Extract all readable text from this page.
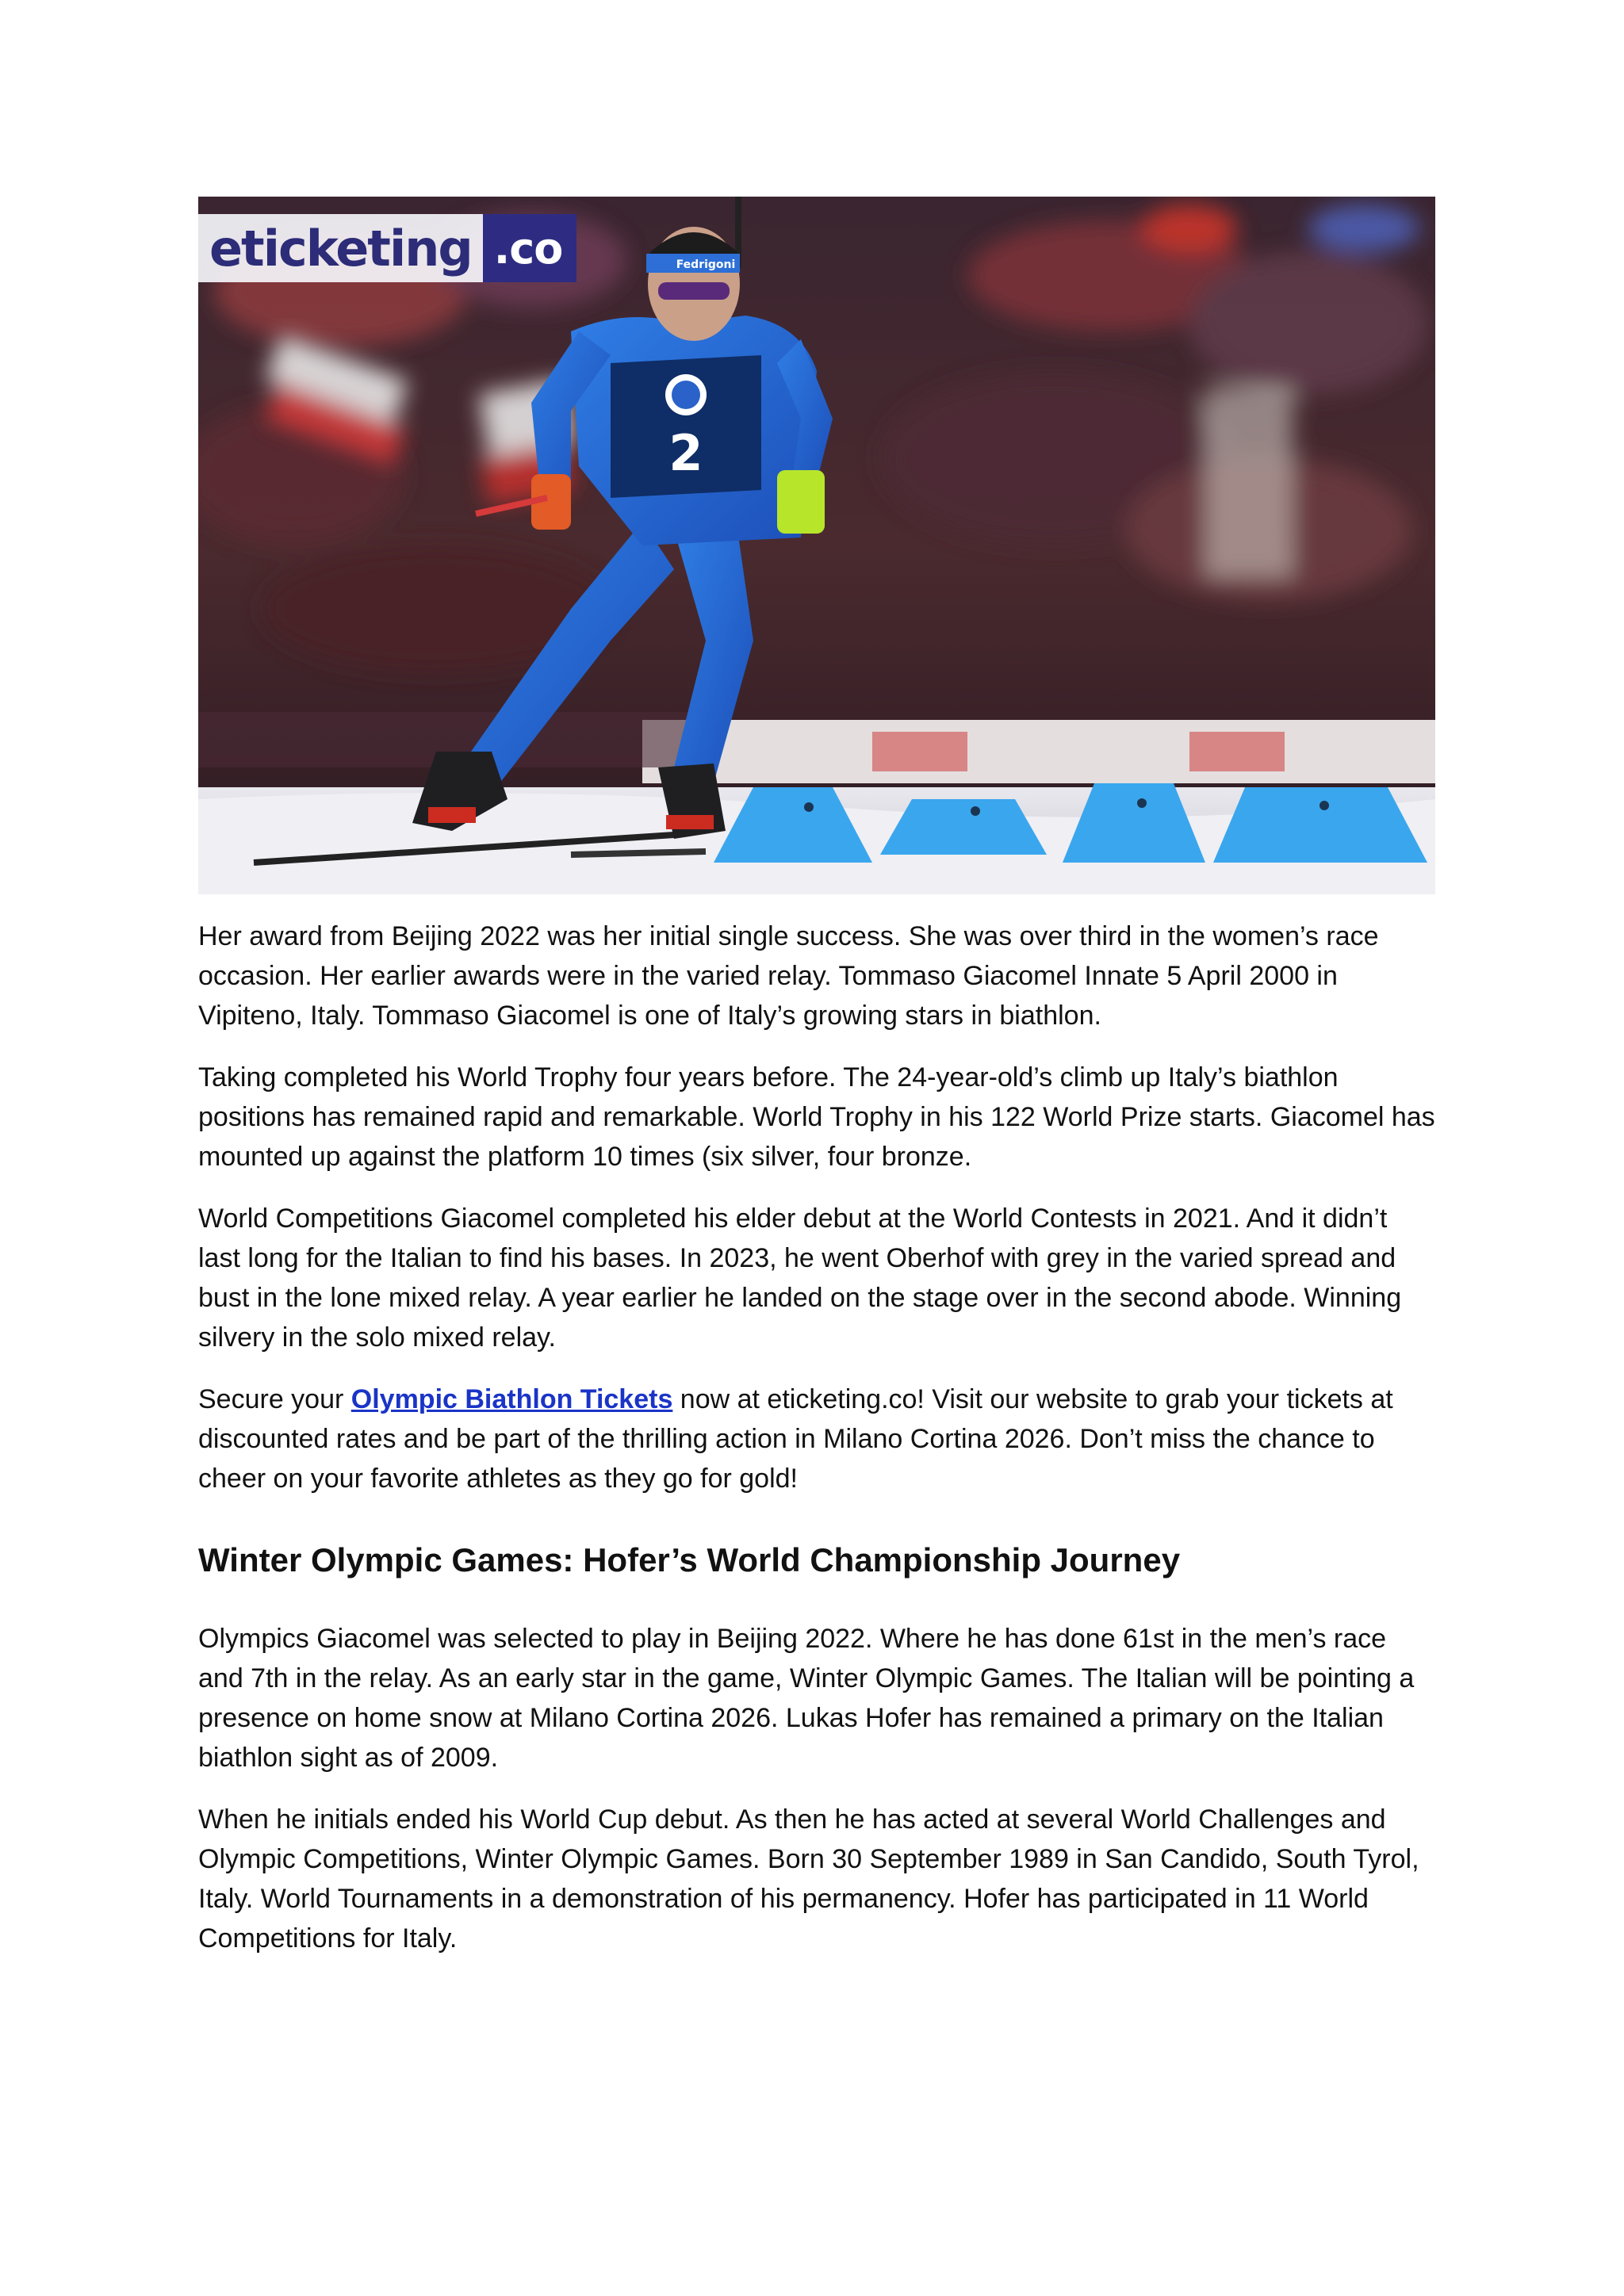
2
Fedrigoni
eticketing .co

Her award from Beijing 2022 was her initial single success. She was over third in the women’s race occasion. Her earlier awards were in the varied relay. Tommaso Giacomel Innate 5 April 2000 in Vipiteno, Italy. Tommaso Giacomel is one of Italy’s growing stars in biathlon.

Taking completed his World Trophy four years before. The 24-year-old’s climb up Italy’s biathlon positions has remained rapid and remarkable. World Trophy in his 122 World Prize starts. Giacomel has mounted up against the platform 10 times (six silver, four bronze.

World Competitions Giacomel completed his elder debut at the World Contests in 2021. And it didn’t last long for the Italian to find his bases. In 2023, he went Oberhof with grey in the varied spread and bust in the lone mixed relay. A year earlier he landed on the stage over in the second abode. Winning silvery in the solo mixed relay.

Secure your Olympic Biathlon Tickets now at eticketing.co! Visit our website to grab your tickets at discounted rates and be part of the thrilling action in Milano Cortina 2026. Don’t miss the chance to cheer on your favorite athletes as they go for gold!

Winter Olympic Games: Hofer’s World Championship Journey

Olympics Giacomel was selected to play in Beijing 2022. Where he has done 61st in the men’s race and 7th in the relay. As an early star in the game, Winter Olympic Games. The Italian will be pointing a presence on home snow at Milano Cortina 2026. Lukas Hofer has remained a primary on the Italian biathlon sight as of 2009.

When he initials ended his World Cup debut. As then he has acted at several World Challenges and Olympic Competitions, Winter Olympic Games. Born 30 September 1989 in San Candido, South Tyrol, Italy. World Tournaments in a demonstration of his permanency. Hofer has participated in 11 World Competitions for Italy.
